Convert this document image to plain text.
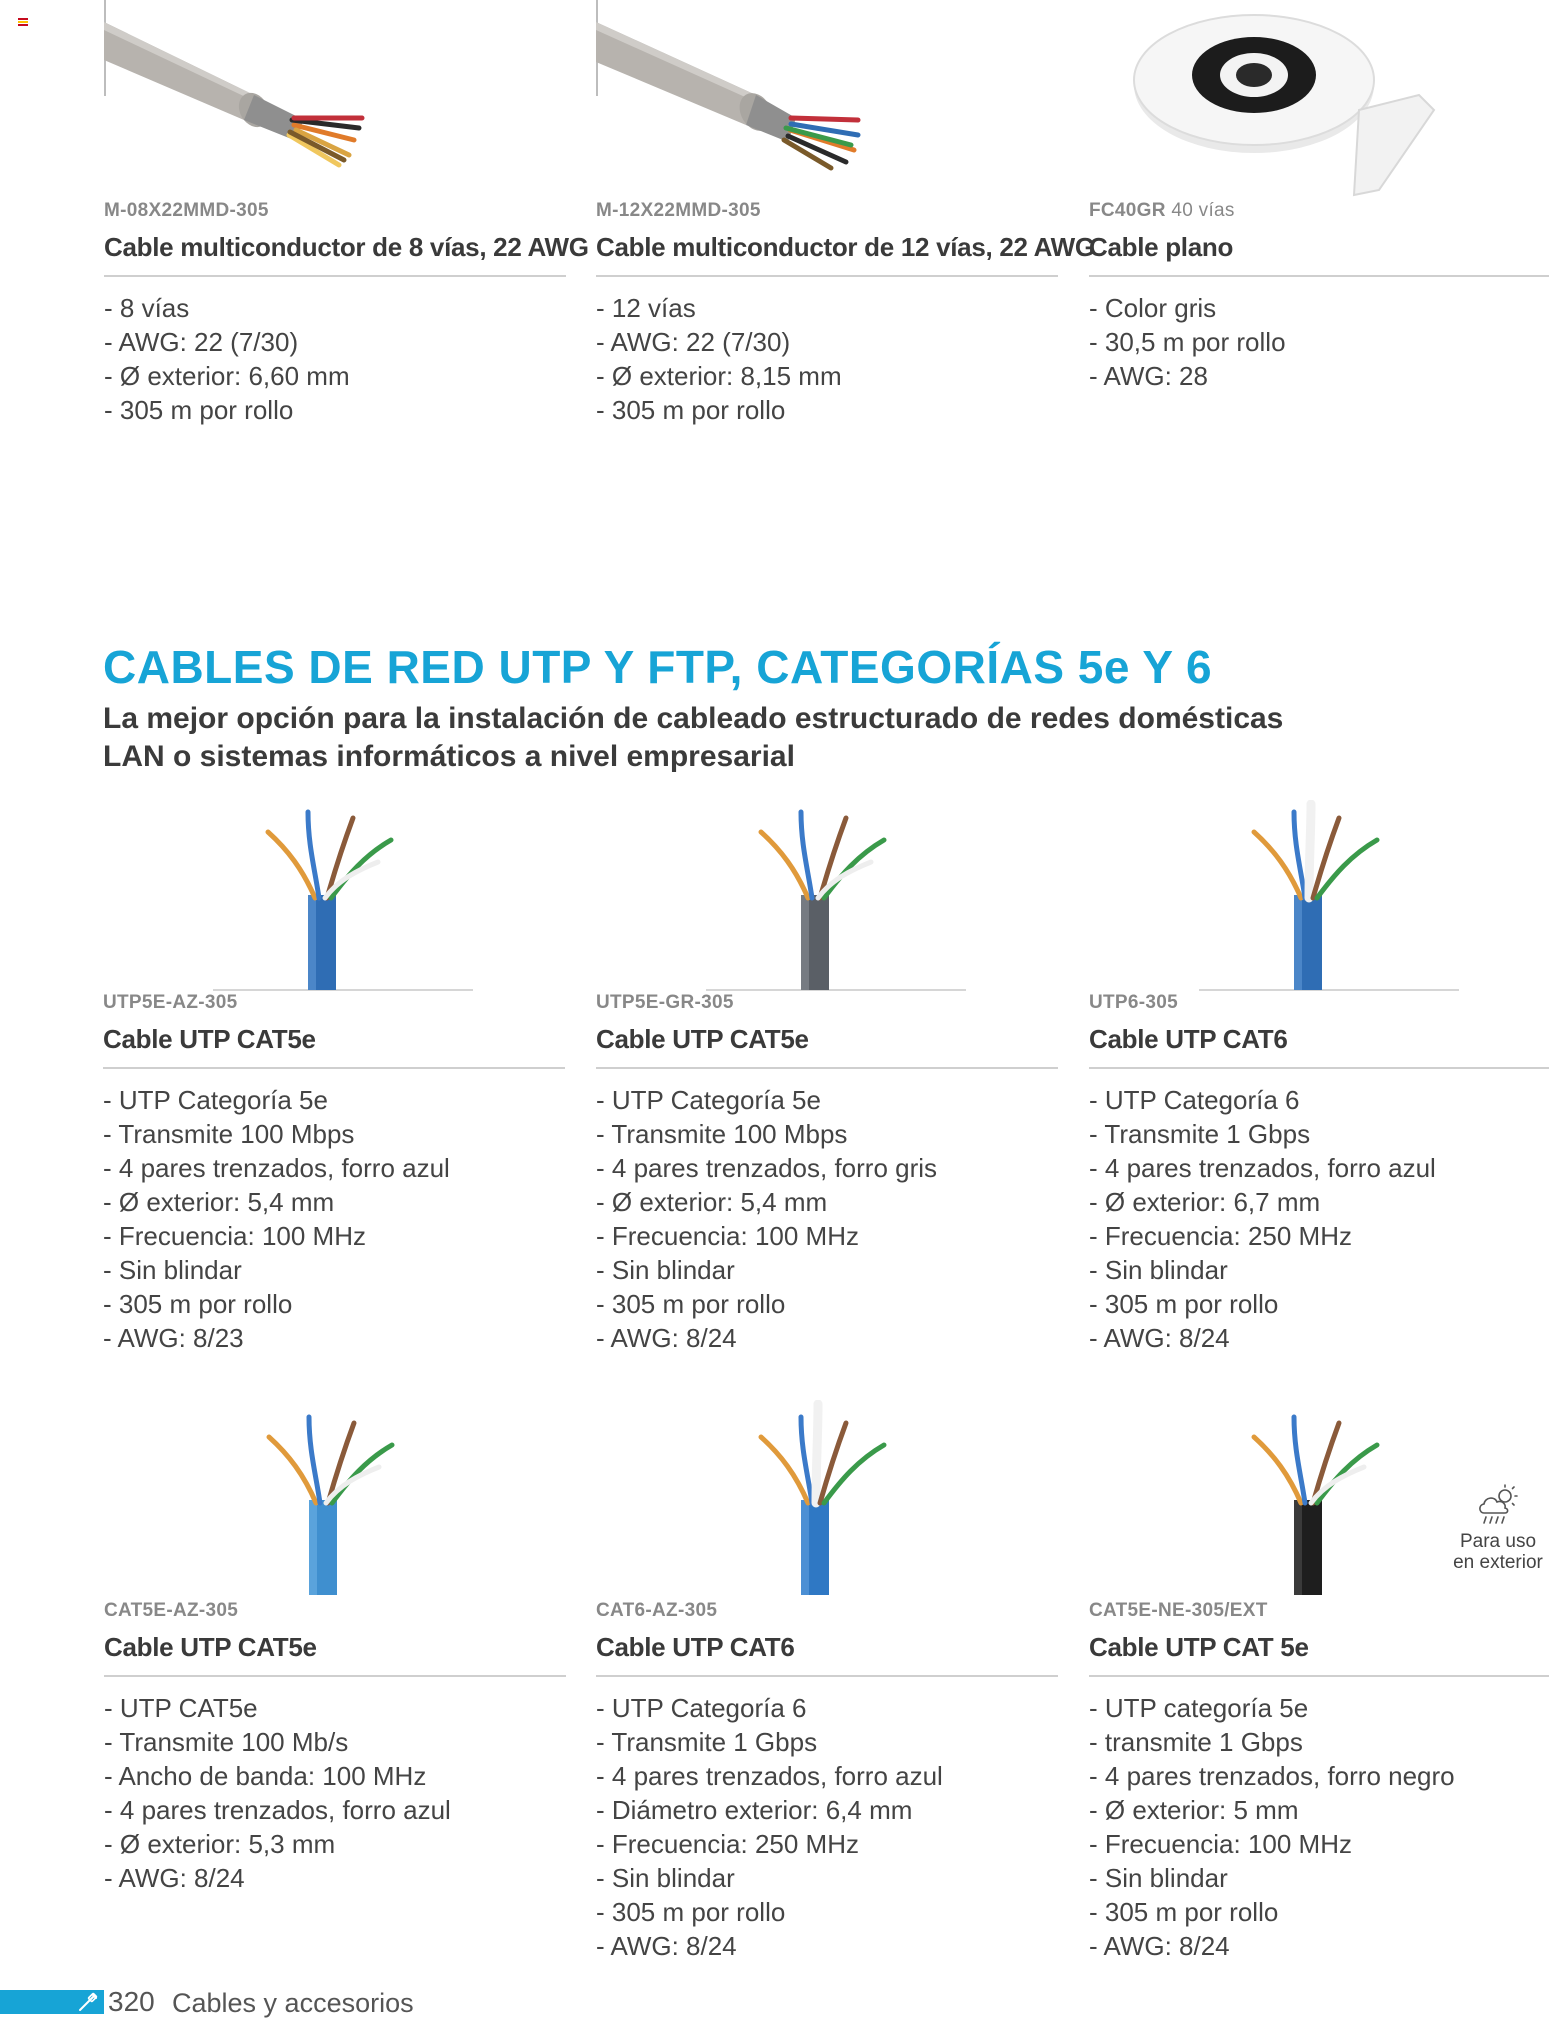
M-08X22MMD-305
Cable multiconductor de 8 vías, 22 AWG
- 8 vías
- AWG: 22 (7/30)
- Ø exterior: 6,60 mm
- 305 m por rollo
M-12X22MMD-305
Cable multiconductor de 12 vías, 22 AWG
- 12 vías
- AWG: 22 (7/30)
- Ø exterior: 8,15 mm
- 305 m por rollo
FC40GR 40 vías
Cable plano
- Color gris
- 30,5 m por rollo
- AWG: 28
CABLES DE RED UTP Y FTP, CATEGORÍAS 5e Y 6
La mejor opción para la instalación de cableado estructurado de redes domésticas
LAN o sistemas informáticos a nivel empresarial
UTP5E-AZ-305
Cable UTP CAT5e
- UTP Categoría 5e
- Transmite 100 Mbps
- 4 pares trenzados, forro azul
- Ø exterior: 5,4 mm
- Frecuencia: 100 MHz
- Sin blindar
- 305 m por rollo
- AWG: 8/23
UTP5E-GR-305
Cable UTP CAT5e
- UTP Categoría 5e
- Transmite 100 Mbps
- 4 pares trenzados, forro gris
- Ø exterior: 5,4 mm
- Frecuencia: 100 MHz
- Sin blindar
- 305 m por rollo
- AWG: 8/24
UTP6-305
Cable UTP CAT6
- UTP Categoría 6
- Transmite 1 Gbps
- 4 pares trenzados, forro azul
- Ø exterior: 6,7 mm
- Frecuencia: 250 MHz
- Sin blindar
- 305 m por rollo
- AWG: 8/24
CAT5E-AZ-305
Cable UTP CAT5e
- UTP CAT5e
- Transmite 100 Mb/s
- Ancho de banda: 100 MHz
- 4 pares trenzados, forro azul
- Ø exterior: 5,3 mm
- AWG: 8/24
CAT6-AZ-305
Cable UTP CAT6
- UTP Categoría 6
- Transmite 1 Gbps
- 4 pares trenzados, forro azul
- Diámetro exterior: 6,4 mm
- Frecuencia: 250 MHz
- Sin blindar
- 305 m por rollo
- AWG: 8/24
CAT5E-NE-305/EXT
Cable UTP CAT 5e
- UTP categoría 5e
- transmite 1 Gbps
- 4 pares trenzados, forro negro
- Ø exterior: 5 mm
- Frecuencia: 100 MHz
- Sin blindar
- 305 m por rollo
- AWG: 8/24
Para uso
en exterior
320 Cables y accesorios
